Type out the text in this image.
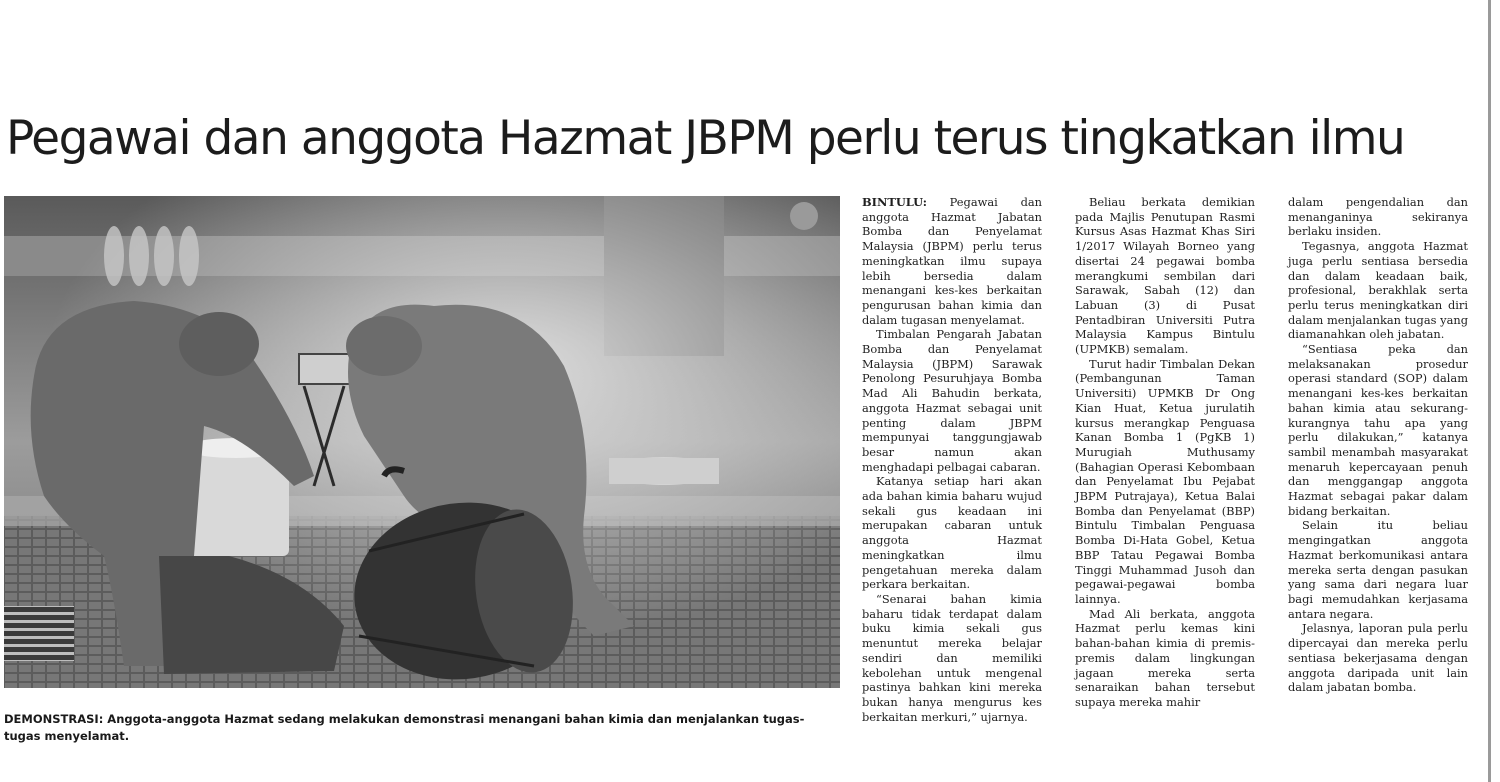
Pegawai dan anggota Hazmat JBPM perlu terus tingkatkan ilmu

DEMONSTRASI: Anggota-anggota Hazmat sedang melakukan demonstrasi menangani bahan kimia dan menjalankan tugas-tugas menyelamat.

BINTULU: Pegawai dan anggota Hazmat Jabatan Bomba dan Penyelamat Malaysia (JBPM) perlu terus meningkatkan ilmu supaya lebih bersedia dalam menangani kes-kes berkaitan pengurusan bahan kimia dan dalam tugasan menyelamat.

Timbalan Pengarah Jabatan Bomba dan Penyelamat Malaysia (JBPM) Sarawak Penolong Pesuruhjaya Bomba Mad Ali Bahudin berkata, anggota Hazmat sebagai unit penting dalam JBPM mempunyai tanggungjawab besar namun akan menghadapi pelbagai cabaran.

Katanya setiap hari akan ada bahan kimia baharu wujud sekali gus keadaan ini merupakan cabaran untuk anggota Hazmat meningkatkan ilmu pengetahuan mereka dalam perkara berkaitan.

“Senarai bahan kimia baharu tidak terdapat dalam buku kimia sekali gus menuntut mereka belajar sendiri dan memiliki kebolehan untuk mengenal pastinya bahkan kini mereka bukan hanya mengurus kes berkaitan merkuri,” ujarnya.

Beliau berkata demikian pada Majlis Penutupan Rasmi Kursus Asas Hazmat Khas Siri 1/2017 Wilayah Borneo yang disertai 24 pegawai bomba merangkumi sembilan dari Sarawak, Sabah (12) dan Labuan (3) di Pusat Pentadbiran Universiti Putra Malaysia Kampus Bintulu (UPMKB) semalam.

Turut hadir Timbalan Dekan (Pembangunan Taman Universiti) UPMKB Dr Ong Kian Huat, Ketua jurulatih kursus merangkap Penguasa Kanan Bomba 1 (PgKB 1) Murugiah Muthusamy (Bahagian Operasi Kebombaan dan Penyelamat Ibu Pejabat JBPM Putrajaya), Ketua Balai Bomba dan Penyelamat (BBP) Bintulu Timbalan Penguasa Bomba Di-Hata Gobel, Ketua BBP Tatau Pegawai Bomba Tinggi Muhammad Jusoh dan pegawai-pegawai bomba lainnya.

Mad Ali berkata, anggota Hazmat perlu kemas kini bahan-bahan kimia di premis-premis dalam lingkungan jagaan mereka serta senaraikan bahan tersebut supaya mereka mahir

dalam pengendalian dan menanganinya sekiranya berlaku insiden.

Tegasnya, anggota Hazmat juga perlu sentiasa bersedia dan dalam keadaan baik, profesional, berakhlak serta perlu terus meningkatkan diri dalam menjalankan tugas yang diamanahkan oleh jabatan.

“Sentiasa peka dan melaksanakan prosedur operasi standard (SOP) dalam menangani kes-kes berkaitan bahan kimia atau sekurang-kurangnya tahu apa yang perlu dilakukan,” katanya sambil menambah masyarakat menaruh kepercayaan penuh dan menggangap anggota Hazmat sebagai pakar dalam bidang berkaitan.

Selain itu beliau mengingatkan anggota Hazmat berkomunikasi antara mereka serta dengan pasukan yang sama dari negara luar bagi memudahkan kerjasama antara negara.

Jelasnya, laporan pula perlu dipercayai dan mereka perlu sentiasa bekerjasama dengan anggota daripada unit lain dalam jabatan bomba.
